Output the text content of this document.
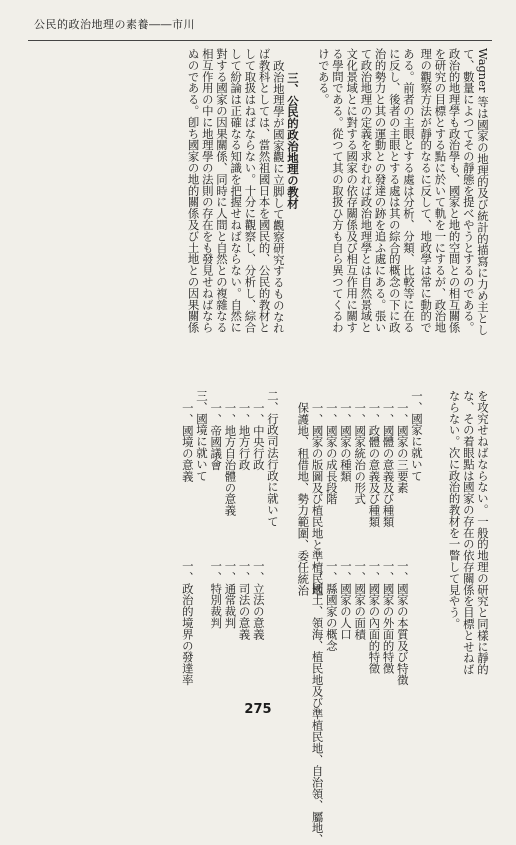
公民的政治地理の素養――市川

Wagner 等は國家の地理的及び統計的描寫に力め主とし

て、數量によつてその靜態を提べやうとするのである。

政治的地理學も政治學も、國家と地的空間との相互關係

を研究の目標とする點に於いて軌を一にするが、政治地

理の觀察方法が靜的なるに反して、地政學は常に動的で

ある。前者の主眼とする處は分析、分類、比較等に在る

に反し、後者の主眼とする處は其の綜合的概念の下に政

治的勢力と其の運動との發達の跡を追ふ處にある。張い

て政治地理の定義を求むれば政治地理學とは自然景域と

文化景域とに對する國家の依存關係及び相互作用に關す

る學問である。從つて其の取扱ひ方も自ら異つてくるわ

けである。

三、公民的政治地理の教材

政治地理學が國家觀に立脚して觀察研究するものなれ

ば教科としては、當然祖國日本を國民的、公民的教材と

して取扱はねばならない。十分に觀察し、分析し、綜合

して紛論は正確なる知識を把握せねばならない。自然に

對する國家の因果關係、同時に人間と自然との複雜なる

相互作用の中に地理學の法則の存在をも發見せねばなら

ぬのである。卽ち國家の地的關係及び土地との因果關係

を攻究せねばならない。一般的地理の研究と同樣に靜的

な、その着眼點は國家の存在の依存關係を目標とせねば

ならない。次に政治的教材を一瞥して見やう。

一、國家に就いて

一、國家の三要素

一、國體の意義及び種類

一、政體の意義及び種類

一、國家統治の形式

一、國家の種類

一、國家の成長段階

一、國家の版圖及び植民地と準植民地

保護地、租借地、勢力範圍、委任統治

一、國家の本質及び特徴

一、國家の外面的特徴

一、國家の內面的特徵

一、國家の面積

一、國家の人口

一、縣國家の概念

一、國土、領海、植民地及び準植民地、自治領、屬地、

二、行政司法行政に就いて

一、中央行政

一、地方行政

一、地方自治體の意義

一、帝國議會

三、國境に就いて

一、國境の意義

一、立法の意義

一、司法の意義

一、通常裁判

一、特別裁判

一、政治的境界の發達率

275
